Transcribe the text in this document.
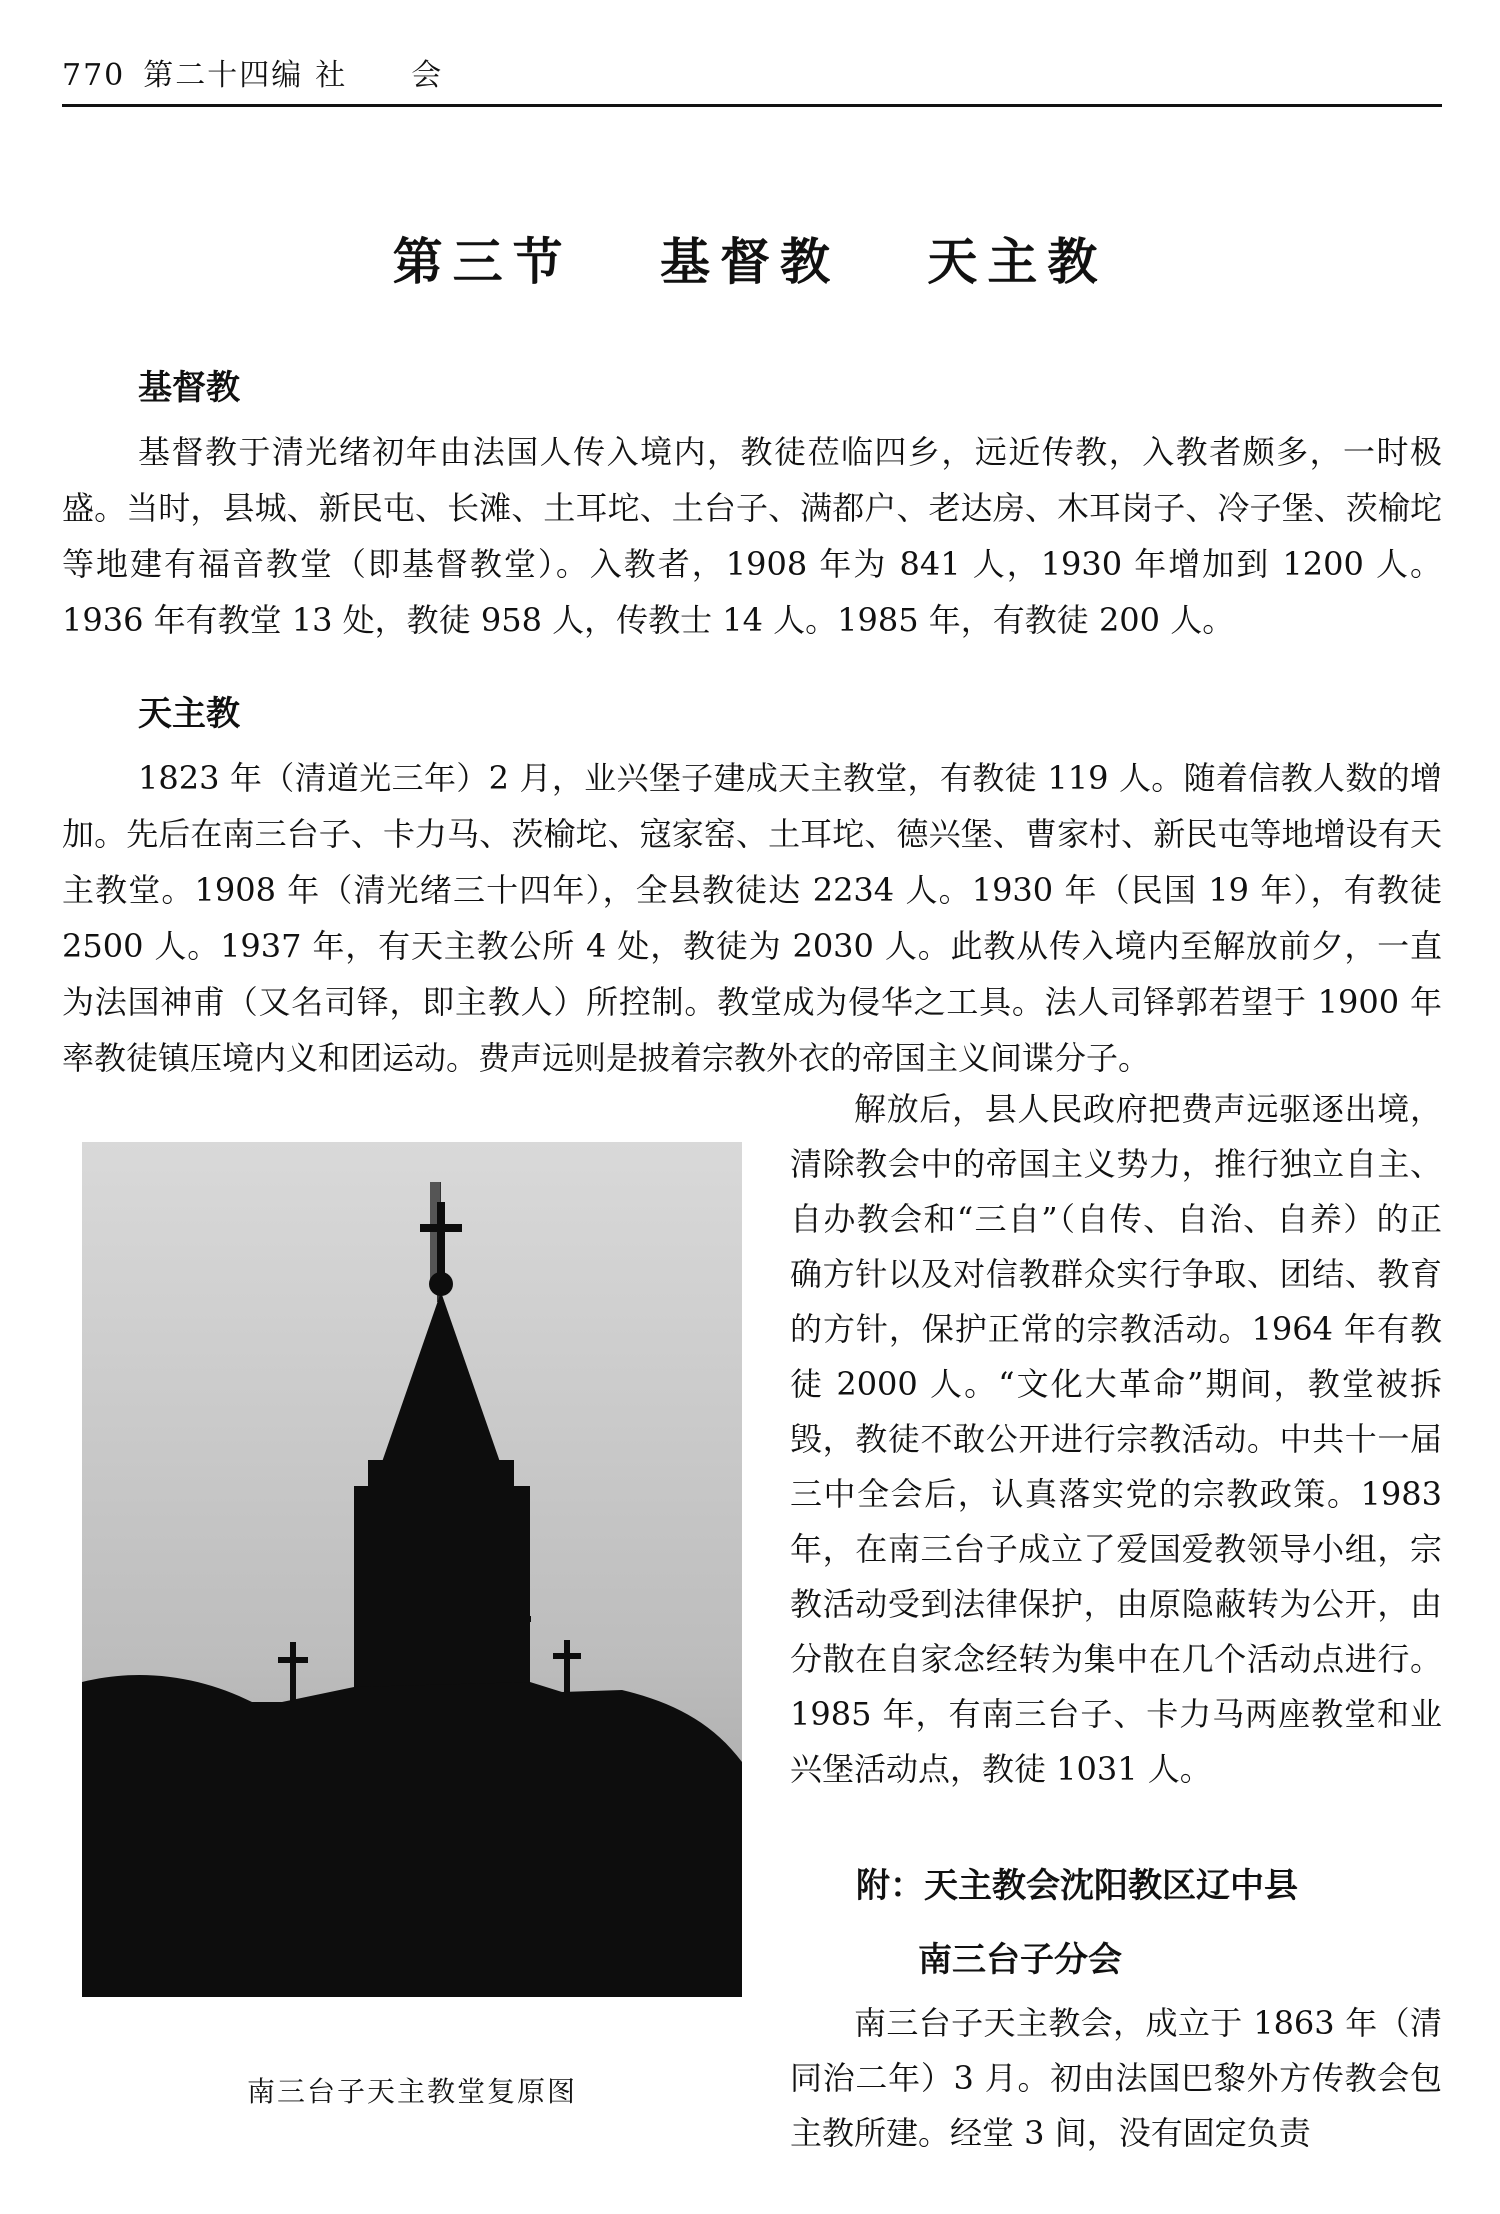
770 第二十四编 社　　会
第三节　 基督教　 天主教
基督教

基督教于清光绪初年由法国人传入境内，教徒莅临四乡，远近传教，入教者颇多，一时极盛。当时，县城、新民屯、长滩、土耳坨、土台子、满都户、老达房、木耳岗子、冷子堡、茨榆坨等地建有福音教堂（即基督教堂）。入教者，1908 年为 841 人，1930 年增加到 1200 人。1936 年有教堂 13 处，教徒 958 人，传教士 14 人。1985 年，有教徒 200 人。

天主教

1823 年（清道光三年）2 月，业兴堡子建成天主教堂，有教徒 119 人。随着信教人数的增加。先后在南三台子、卡力马、茨榆坨、寇家窑、土耳坨、德兴堡、曹家村、新民屯等地增设有天主教堂。1908 年（清光绪三十四年），全县教徒达 2234 人。1930 年（民国 19 年），有教徒 2500 人。1937 年，有天主教公所 4 处，教徒为 2030 人。此教从传入境内至解放前夕，一直为法国神甫（又名司铎，即主教人）所控制。教堂成为侵华之工具。法人司铎郭若望于 1900 年率教徒镇压境内义和团运动。费声远则是披着宗教外衣的帝国主义间谍分子。

解放后，县人民政府把费声远驱逐出境，清除教会中的帝国主义势力，推行独立自主、自办教会和“三自”（自传、自治、自养）的正确方针以及对信教群众实行争取、团结、教育的方针，保护正常的宗教活动。1964 年有教徒 2000 人。“文化大革命”期间，教堂被拆毁，教徒不敢公开进行宗教活动。中共十一届三中全会后，认真落实党的宗教政策。1983 年，在南三台子成立了爱国爱教领导小组，宗教活动受到法律保护，由原隐蔽转为公开，由分散在自家念经转为集中在几个活动点进行。1985 年，有南三台子、卡力马两座教堂和业兴堡活动点，教徒 1031 人。

南三台子天主教堂复原图
附：天主教会沈阳教区辽中县
南三台子分会

南三台子天主教会，成立于 1863 年（清同治二年）3 月。初由法国巴黎外方传教会包主教所建。经堂 3 间，没有固定负责
